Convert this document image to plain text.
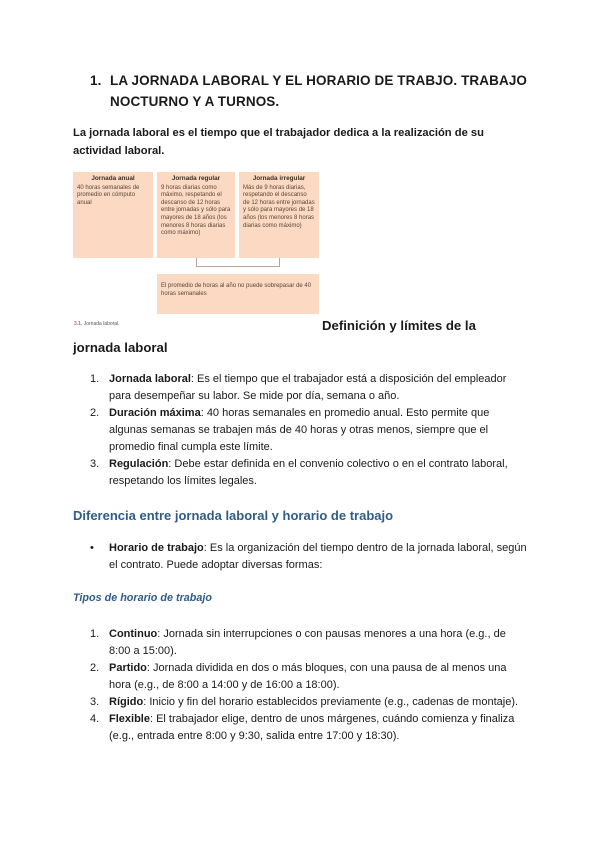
1. LA JORNADA LABORAL Y EL HORARIO DE TRABJO. TRABAJO NOCTURNO Y A TURNOS.
La jornada laboral es el tiempo que el trabajador dedica a la realización de su actividad laboral.
Jornada anual
40 horas semanales de promedio en cómputo anual
Jornada regular
9 horas diarias como máximo, respetando el descanso de 12 horas entre jornadas y sólo para mayores de 18 años (los menores 8 horas diarias como máximo)
Jornada irregular
Más de 9 horas diarias, respetando el descanso de 12 horas entre jornadas y sólo para mayores de 18 años (los menores 8 horas diarias como máximo)
El promedio de horas al año no puede sobrepasar de 40 horas semanales
3.1. Jornada laboral.	Definición y límites de la
jornada laboral
1. Jornada laboral: Es el tiempo que el trabajador está a disposición del empleador para desempeñar su labor. Se mide por día, semana o año.
2. Duración máxima: 40 horas semanales en promedio anual. Esto permite que algunas semanas se trabajen más de 40 horas y otras menos, siempre que el promedio final cumpla este límite.
3. Regulación: Debe estar definida en el convenio colectivo o en el contrato laboral, respetando los límites legales.
Diferencia entre jornada laboral y horario de trabajo
• Horario de trabajo: Es la organización del tiempo dentro de la jornada laboral, según el contrato. Puede adoptar diversas formas:
Tipos de horario de trabajo
1. Continuo: Jornada sin interrupciones o con pausas menores a una hora (e.g., de 8:00 a 15:00).
2. Partido: Jornada dividida en dos o más bloques, con una pausa de al menos una hora (e.g., de 8:00 a 14:00 y de 16:00 a 18:00).
3. Rígido: Inicio y fin del horario establecidos previamente (e.g., cadenas de montaje).
4. Flexible: El trabajador elige, dentro de unos márgenes, cuándo comienza y finaliza (e.g., entrada entre 8:00 y 9:30, salida entre 17:00 y 18:30).
